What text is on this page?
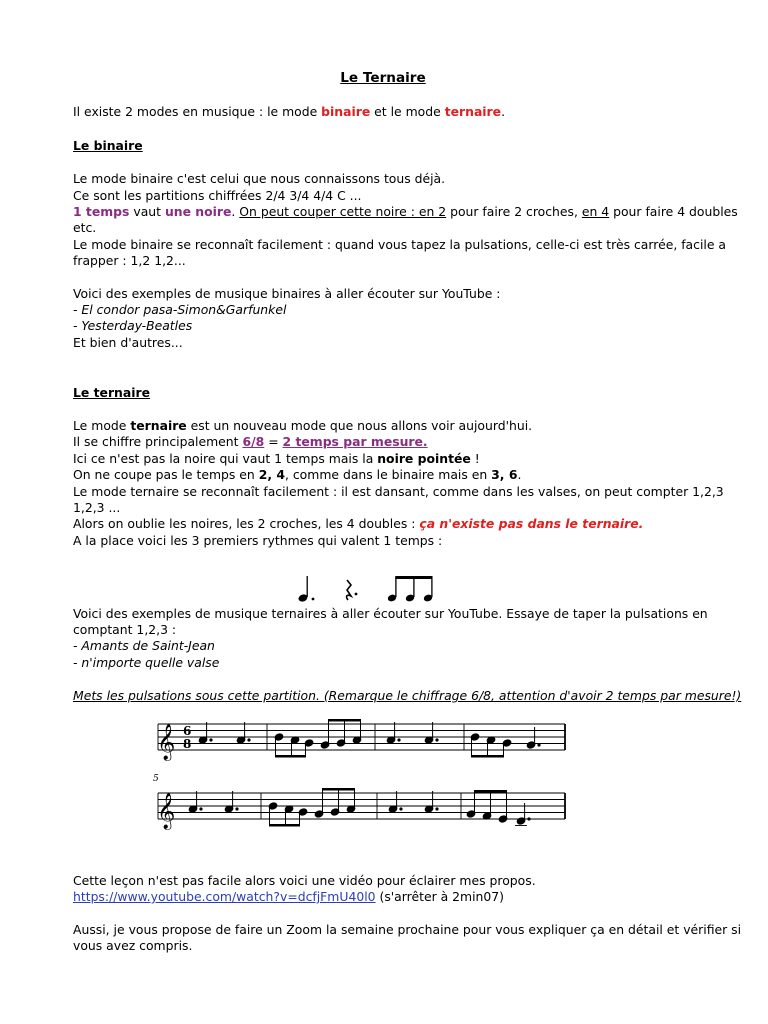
Le Ternaire
Il existe 2 modes en musique : le mode binaire et le mode ternaire.
Le binaire
Le mode binaire c'est celui que nous connaissons tous déjà.
Ce sont les partitions chiffrées 2/4 3/4 4/4 C ...
1 temps vaut une noire. On peut couper cette noire : en 2 pour faire 2 croches, en 4 pour faire 4 doubles
etc.
Le mode binaire se reconnaît facilement : quand vous tapez la pulsations, celle-ci est très carrée, facile a
frapper : 1,2 1,2...
Voici des exemples de musique binaires à aller écouter sur YouTube :
- El condor pasa-Simon&Garfunkel
- Yesterday-Beatles
Et bien d'autres...
Le ternaire
Le mode ternaire est un nouveau mode que nous allons voir aujourd'hui.
Il se chiffre principalement 6/8 = 2 temps par mesure.
Ici ce n'est pas la noire qui vaut 1 temps mais la noire pointée !
On ne coupe pas le temps en 2, 4, comme dans le binaire mais en 3, 6.
Le mode ternaire se reconnaît facilement : il est dansant, comme dans les valses, on peut compter 1,2,3
1,2,3 ...
Alors on oublie les noires, les 2 croches, les 4 doubles : ça n'existe pas dans le ternaire.
A la place voici les 3 premiers rythmes qui valent 1 temps :
Voici des exemples de musique ternaires à aller écouter sur YouTube. Essaye de taper la pulsations en
comptant 1,2,3 :
- Amants de Saint-Jean
- n'importe quelle valse
Mets les pulsations sous cette partition. (Remarque le chiffrage 6/8, attention d'avoir 2 temps par mesure!)
𝄞 6
8
5
𝄞
Cette leçon n'est pas facile alors voici une vidéo pour éclairer mes propos.
https://www.youtube.com/watch?v=dcfjFmU40l0 (s'arrêter à 2min07)
Aussi, je vous propose de faire un Zoom la semaine prochaine pour vous expliquer ça en détail et vérifier si
vous avez compris.
